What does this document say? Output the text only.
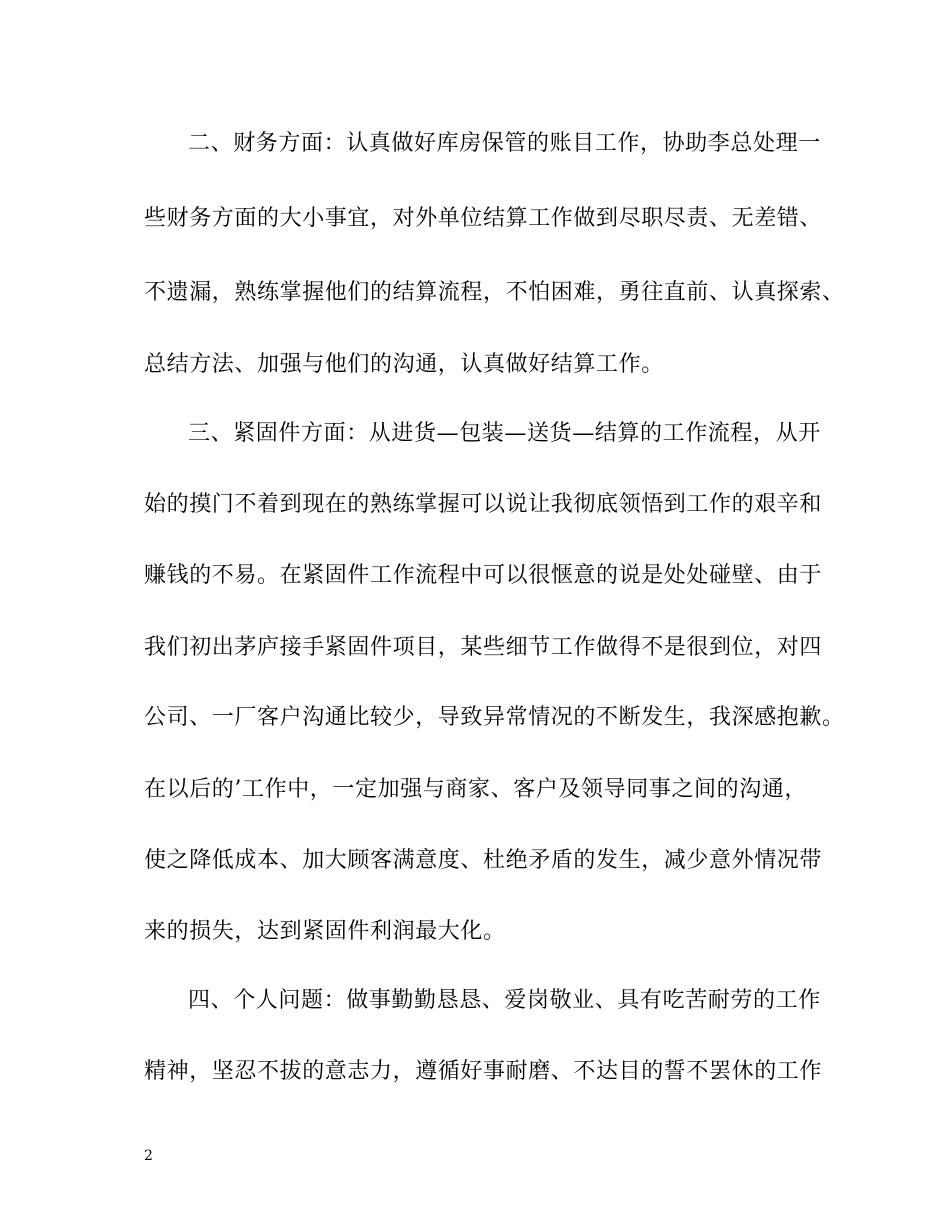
二、财务方面：认真做好库房保管的账目工作，协助李总处理一
些财务方面的大小事宜，对外单位结算工作做到尽职尽责、无差错、
不遗漏，熟练掌握他们的结算流程，不怕困难，勇往直前、认真探索、
总结方法、加强与他们的沟通，认真做好结算工作。
三、紧固件方面：从进货—包装—送货—结算的工作流程，从开
始的摸门不着到现在的熟练掌握可以说让我彻底领悟到工作的艰辛和
赚钱的不易。在紧固件工作流程中可以很惬意的说是处处碰壁、由于
我们初出茅庐接手紧固件项目，某些细节工作做得不是很到位，对四
公司、一厂客户沟通比较少，导致异常情况的不断发生，我深感抱歉。
在以后的’工作中，一定加强与商家、客户及领导同事之间的沟通，
使之降低成本、加大顾客满意度、杜绝矛盾的发生，减少意外情况带
来的损失，达到紧固件利润最大化。
四、个人问题：做事勤勤恳恳、爱岗敬业、具有吃苦耐劳的工作
精神，坚忍不拔的意志力，遵循好事耐磨、不达目的誓不罢休的工作
2
